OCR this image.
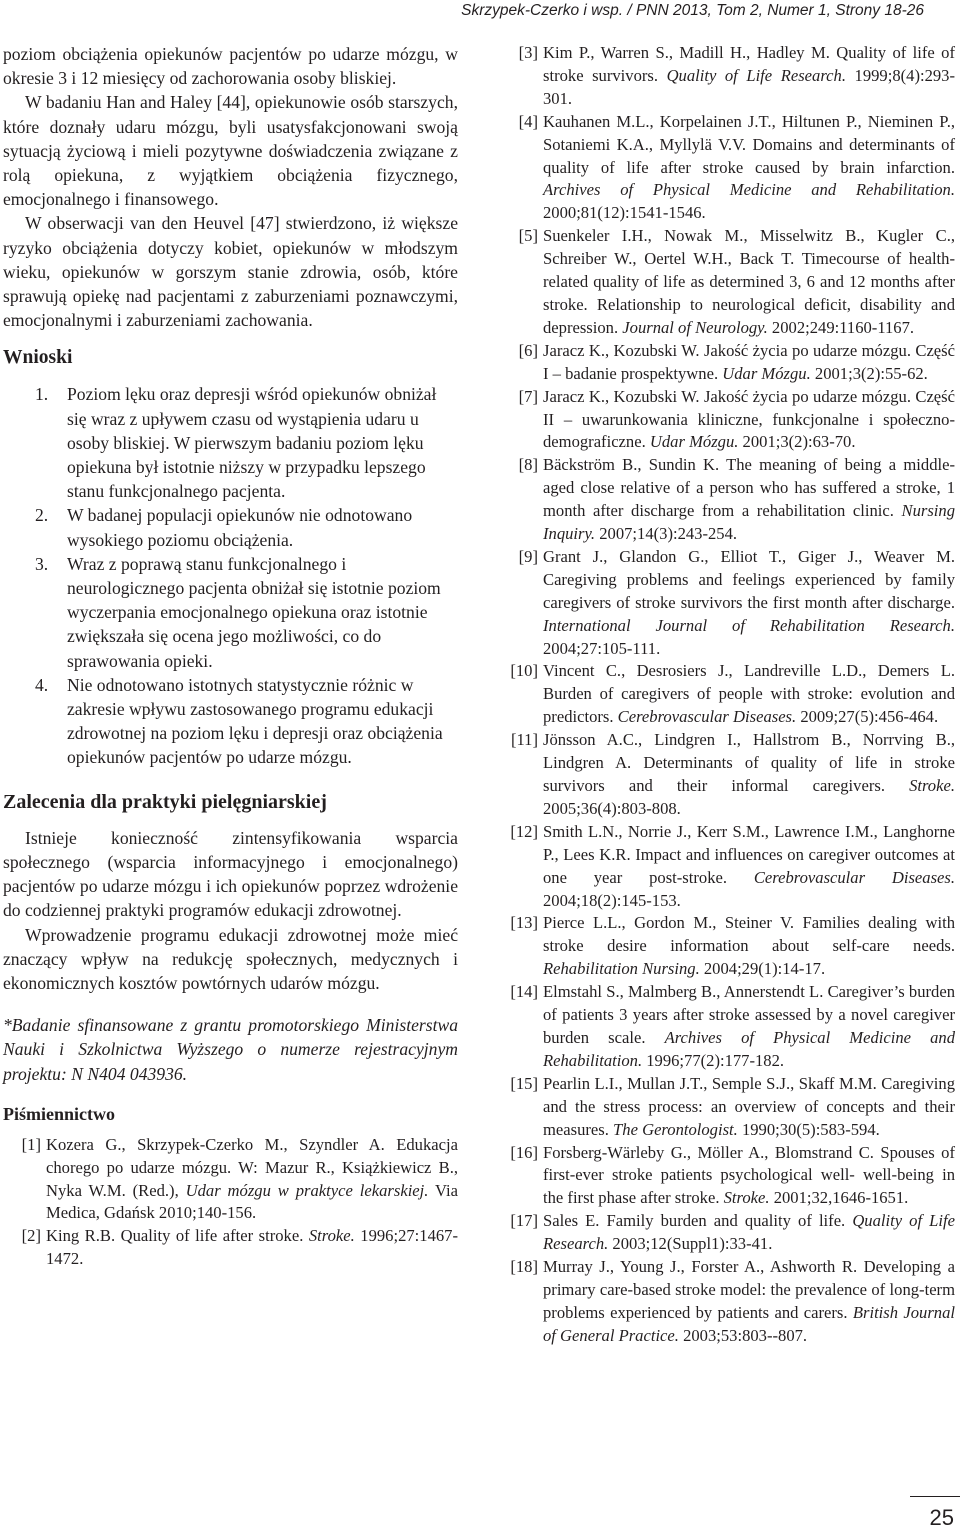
Skrzypek-Czerko i wsp. / PNN 2013, Tom 2, Numer 1, Strony 18-26

poziom obciążenia opiekunów pacjentów po udarze mózgu, w okresie 3 i 12 miesięcy od zachorowania osoby bliskiej.

W badaniu Han and Haley [44], opiekunowie osób starszych, które doznały udaru mózgu, byli usatysfakcjonowani swoją sytuacją życiową i mieli pozytywne doświadczenia związane z rolą opiekuna, z wyjątkiem obciążenia fizycznego, emocjonalnego i finansowego.

W obserwacji van den Heuvel [47] stwierdzono, iż większe ryzyko obciążenia dotyczy kobiet, opiekunów w młodszym wieku, opiekunów w gorszym stanie zdrowia, osób, które sprawują opiekę nad pacjentami z zaburzeniami poznawczymi, emocjonalnymi i zaburzeniami zachowania.

Wnioski
1. Poziom lęku oraz depresji wśród opiekunów obniżał się wraz z upływem czasu od wystąpienia udaru u osoby bliskiej. W pierwszym badaniu poziom lęku opiekuna był istotnie niższy w przypadku lepszego stanu funkcjonalnego pacjenta.
2. W badanej populacji opiekunów nie odnotowano wysokiego poziomu obciążenia.
3. Wraz z poprawą stanu funkcjonalnego i neurologicznego pacjenta obniżał się istotnie poziom wyczerpania emocjonalnego opiekuna oraz istotnie zwiększała się ocena jego możliwości, co do sprawowania opieki.
4. Nie odnotowano istotnych statystycznie różnic w zakresie wpływu zastosowanego programu edukacji zdrowotnej na poziom lęku i depresji oraz obciążenia opiekunów pacjentów po udarze mózgu.
Zalecenia dla praktyki pielęgniarskiej

Istnieje konieczność zintensyfikowania wsparcia społecznego (wsparcia informacyjnego i emocjonalnego) pacjentów po udarze mózgu i ich opiekunów poprzez wdrożenie do codziennej praktyki programów edukacji zdrowotnej.

Wprowadzenie programu edukacji zdrowotnej może mieć znaczący wpływ na redukcję społecznych, medycznych i ekonomicznych kosztów powtórnych udarów mózgu.

*Badanie sfinansowane z grantu promotorskiego Ministerstwa Nauki i Szkolnictwa Wyższego o numerze rejestracyjnym projektu: N N404 043936.

Piśmiennictwo
[1] Kozera G., Skrzypek-Czerko M., Szyndler A. Edukacja chorego po udarze mózgu. W: Mazur R., Książkiewicz B., Nyka W.M. (Red.), Udar mózgu w praktyce lekarskiej. Via Medica, Gdańsk 2010;140-156.
[2] King R.B. Quality of life after stroke. Stroke. 1996;27:1467-1472.
[3] Kim P., Warren S., Madill H., Hadley M. Quality of life of stroke survivors. Quality of Life Research. 1999;8(4):293-301.
[4] Kauhanen M.L., Korpelainen J.T., Hiltunen P., Nieminen P., Sotaniemi K.A., Myllylä V.V. Domains and determinants of quality of life after stroke caused by brain infarction. Archives of Physical Medicine and Rehabilitation. 2000;81(12):1541-1546.
[5] Suenkeler I.H., Nowak M., Misselwitz B., Kugler C., Schreiber W., Oertel W.H., Back T. Timecourse of health-related quality of life as determined 3, 6 and 12 months after stroke. Relationship to neurological deficit, disability and depression. Journal of Neurology. 2002;249:1160-1167.
[6] Jaracz K., Kozubski W. Jakość życia po udarze mózgu. Część I – badanie prospektywne. Udar Mózgu. 2001;3(2):55-62.
[7] Jaracz K., Kozubski W. Jakość życia po udarze mózgu. Część II – uwarunkowania kliniczne, funkcjonalne i społeczno-demograficzne. Udar Mózgu. 2001;3(2):63-70.
[8] Bäckström B., Sundin K. The meaning of being a middle-aged close relative of a person who has suffered a stroke, 1 month after discharge from a rehabilitation clinic. Nursing Inquiry. 2007;14(3):243-254.
[9] Grant J., Glandon G., Elliot T., Giger J., Weaver M. Caregiving problems and feelings experienced by family caregivers of stroke survivors the first month after discharge. International Journal of Rehabilitation Research. 2004;27:105-111.
[10] Vincent C., Desrosiers J., Landreville L.D., Demers L. Burden of caregivers of people with stroke: evolution and predictors. Cerebrovascular Diseases. 2009;27(5):456-464.
[11] Jönsson A.C., Lindgren I., Hallstrom B., Norrving B., Lindgren A. Determinants of quality of life in stroke survivors and their informal caregivers. Stroke. 2005;36(4):803-808.
[12] Smith L.N., Norrie J., Kerr S.M., Lawrence I.M., Langhorne P., Lees K.R. Impact and influences on caregiver outcomes at one year post-stroke. Cerebrovascular Diseases. 2004;18(2):145-153.
[13] Pierce L.L., Gordon M., Steiner V. Families dealing with stroke desire information about self-care needs. Rehabilitation Nursing. 2004;29(1):14-17.
[14] Elmstahl S., Malmberg B., Annerstendt L. Caregiver’s burden of patients 3 years after stroke assessed by a novel caregiver burden scale. Archives of Physical Medicine and Rehabilitation. 1996;77(2):177-182.
[15] Pearlin L.I., Mullan J.T., Semple S.J., Skaff M.M. Caregiving and the stress process: an overview of concepts and their measures. The Gerontologist. 1990;30(5):583-594.
[16] Forsberg-Wärleby G., Möller A., Blomstrand C. Spouses of first-ever stroke patients psychological well- well-being in the first phase after stroke. Stroke. 2001;32,1646-1651.
[17] Sales E. Family burden and quality of life. Quality of Life Research. 2003;12(Suppl1):33-41.
[18] Murray J., Young J., Forster A., Ashworth R. Developing a primary care-based stroke model: the prevalence of long-term problems experienced by patients and carers. British Journal of General Practice. 2003;53:803--807.
25
